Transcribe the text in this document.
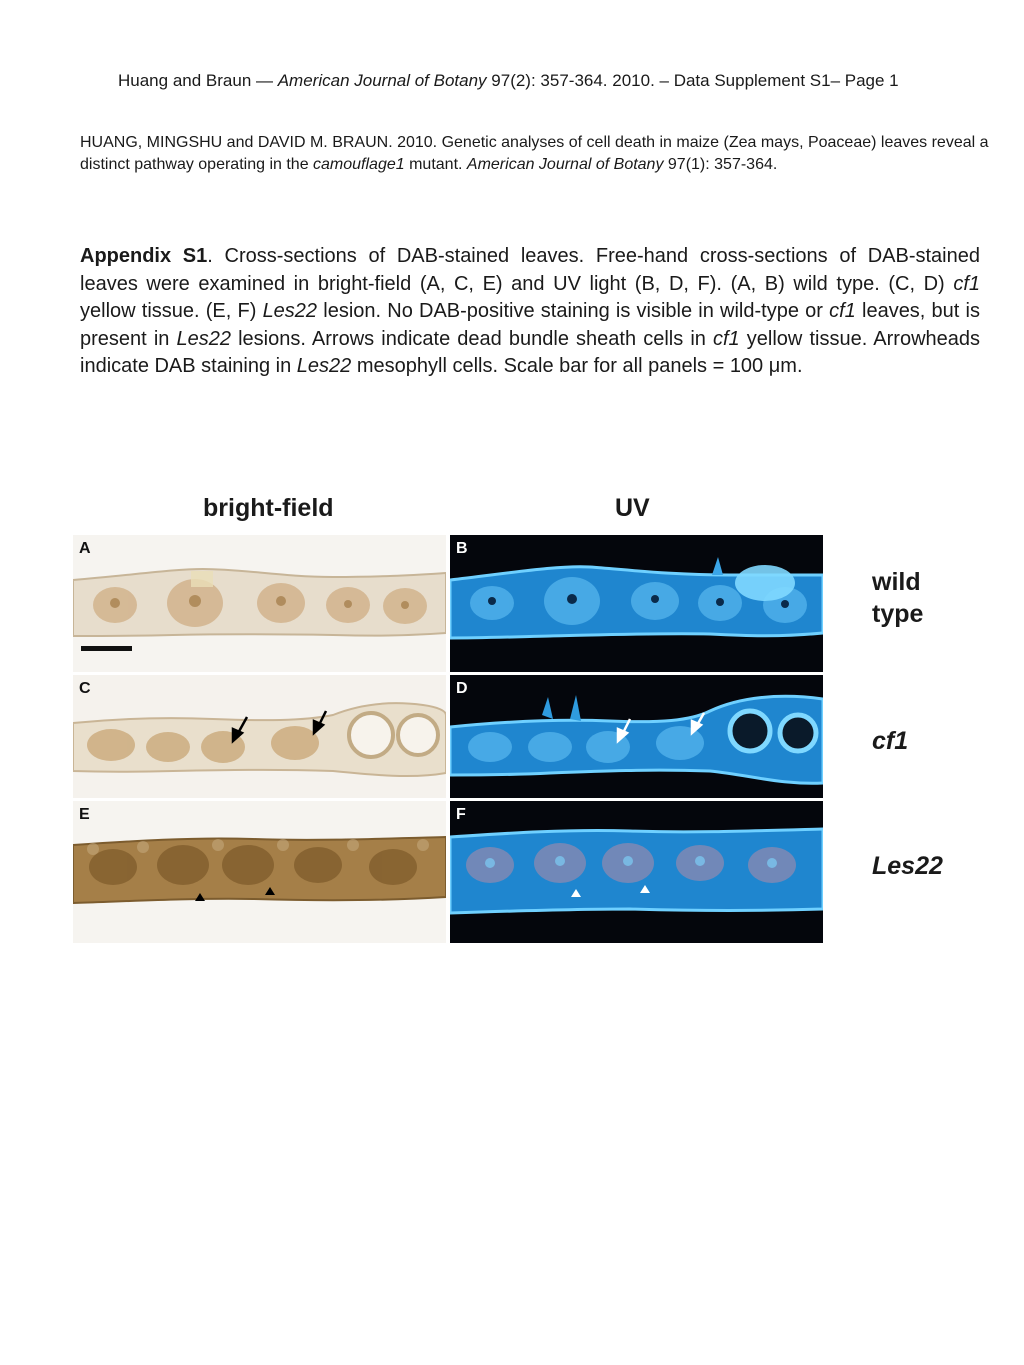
Huang and Braun — American Journal of Botany 97(2): 357-364. 2010. – Data Supplement S1– Page 1
HUANG, MINGSHU and DAVID M. BRAUN. 2010. Genetic analyses of cell death in maize (Zea mays, Poaceae) leaves reveal a distinct pathway operating in the camouflage1 mutant. American Journal of Botany 97(1): 357-364.
Appendix S1. Cross-sections of DAB-stained leaves. Free-hand cross-sections of DAB-stained leaves were examined in bright-field (A, C, E) and UV light (B, D, F). (A, B) wild type. (C, D) cf1 yellow tissue. (E, F) Les22 lesion. No DAB-positive staining is visible in wild-type or cf1 leaves, but is present in Les22 lesions. Arrows indicate dead bundle sheath cells in cf1 yellow tissue. Arrowheads indicate DAB staining in Les22 mesophyll cells. Scale bar for all panels = 100 μm.
bright-field	UV
A	B
C	D
E	F
wild
type
cf1
Les22
